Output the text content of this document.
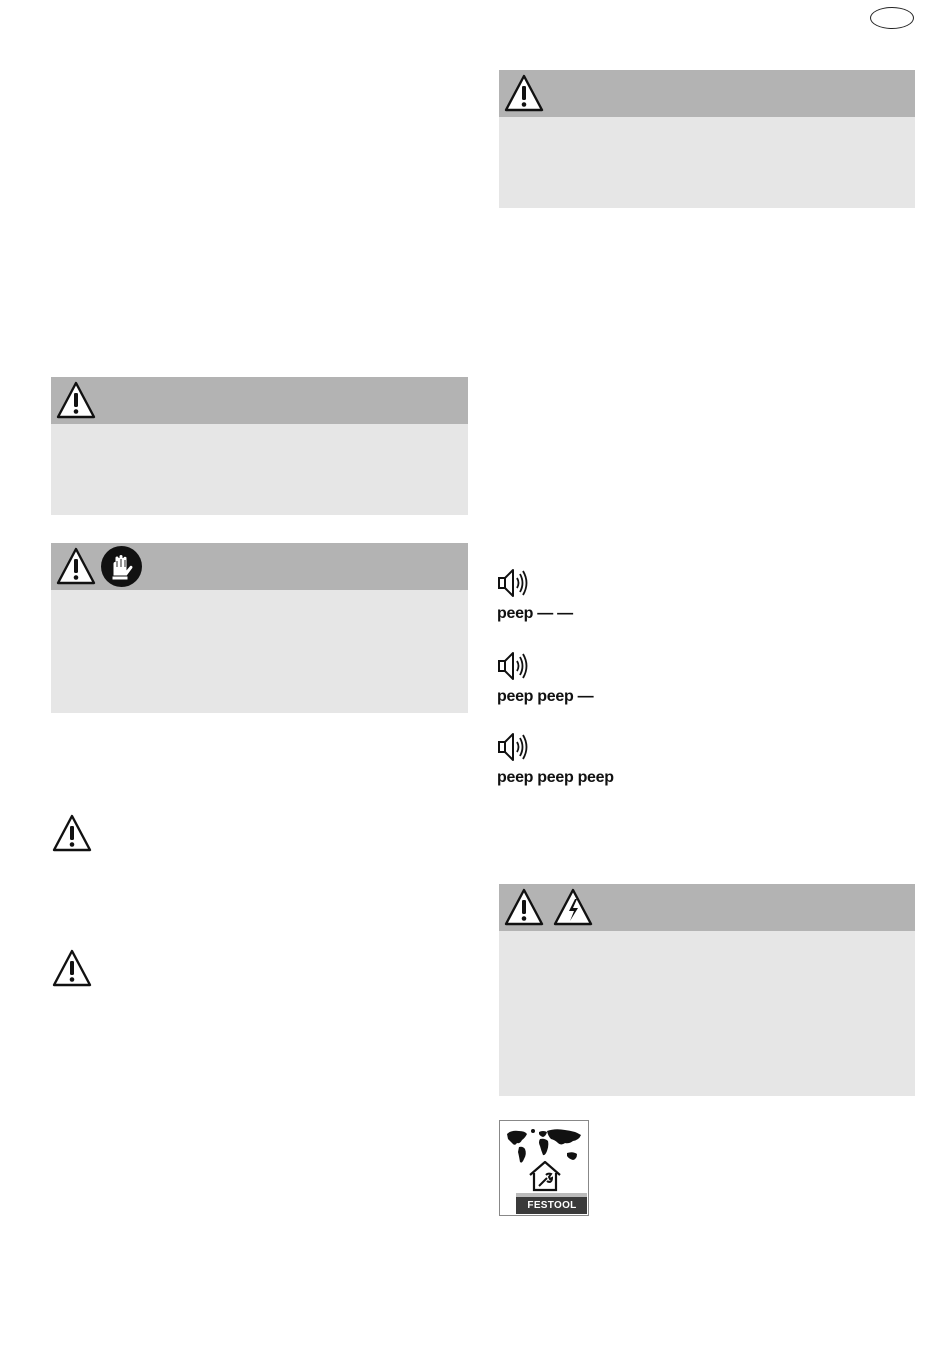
peep — —
peep peep —
peep peep peep
FESTOOL
